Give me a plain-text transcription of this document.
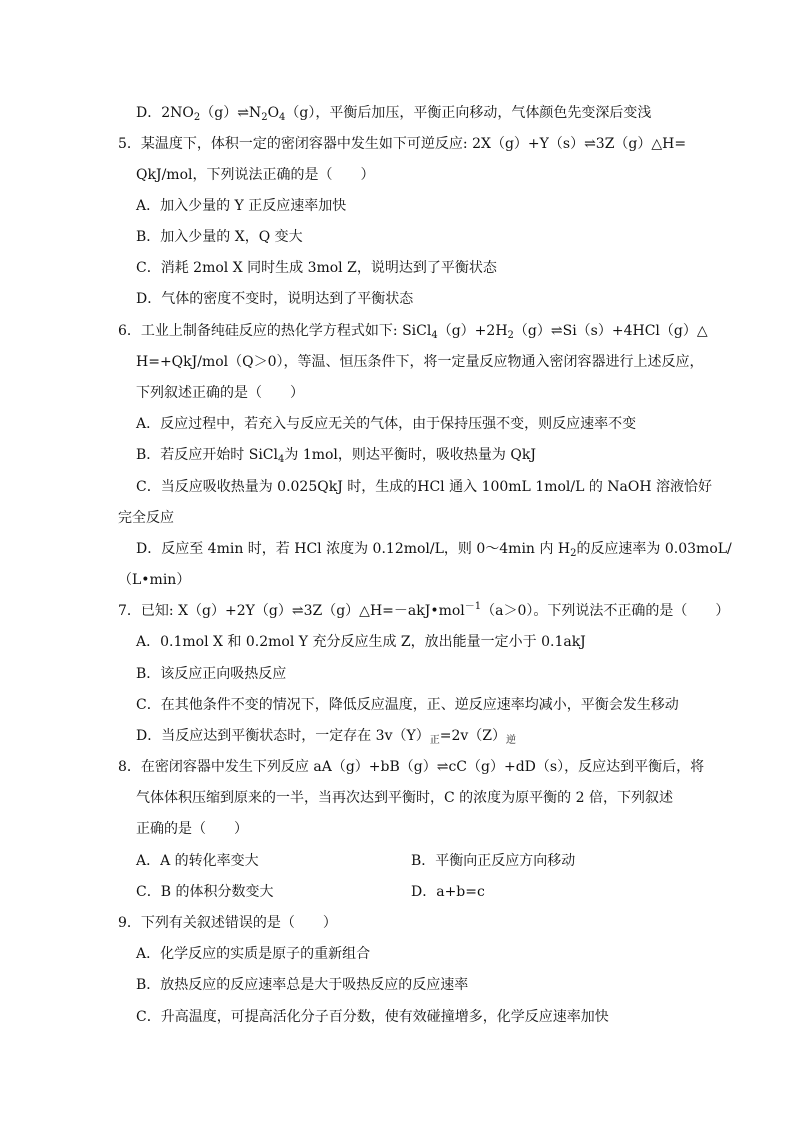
D．$2NO_2(g)\rightleftharpoons N_2O_4(g)$，平衡后加压，平衡正向移动，气体颜色先变深后变浅
5．某温度下，体积一定的密闭容器中发生如下可逆反应: 2X（g）+Y（s）⇌3Z（g）△H=
QkJ/mol，下列说法正确的是（　　）
A．加入少量的 Y 正反应速率加快
B．加入少量的 X，Q 变大
C．消耗 2mol X 同时生成 3mol Z，说明达到了平衡状态
D．气体的密度不变时，说明达到了平衡状态
6．工业上制备纯硅反应的热化学方程式如下: $SiCl_4(g)+2H_2(g)\rightleftharpoons Si(s)+4HCl(g)\triangle$
H=+QkJ/mol（Q＞0），等温、恒压条件下，将一定量反应物通入密闭容器进行上述反应，
下列叙述正确的是（　　）
A．反应过程中，若充入与反应无关的气体，由于保持压强不变，则反应速率不变
B．若反应开始时 SiCl$_4$为 1mol，则达平衡时，吸收热量为 QkJ
C．当反应吸收热量为 0.025QkJ 时，生成的HCl 通入 100mL 1mol/L 的 NaOH 溶液恰好
完全反应
D．反应至 4min 时，若 HCl 浓度为 0.12mol/L，则 0～4min 内 $H_2$的反应速率为 0.03moL/
（L•min）
7．已知: X（g）+2Y（g）⇌3Z（g）△H=－akJ•mol$^{-1}$（a＞0）。下列说法不正确的是（　　）
A．0.1mol X 和 0.2mol Y 充分反应生成 Z，放出能量一定小于 0.1akJ
B．该反应正向吸热反应
C．在其他条件不变的情况下，降低反应温度，正、逆反应速率均减小，平衡会发生移动
D．当反应达到平衡状态时，一定存在 $3v(Y)_正=2v(Z)_逆$
8．在密闭容器中发生下列反应 aA（g）+bB（g）⇌cC（g）+dD（s），反应达到平衡后，将
气体体积压缩到原来的一半，当再次达到平衡时，C 的浓度为原平衡的 2 倍，下列叙述
正确的是（　　）
A．A 的转化率变大	B．平衡向正反应方向移动
C．B 的体积分数变大	D．a+b=c
9．下列有关叙述错误的是（　　）
A．化学反应的实质是原子的重新组合
B．放热反应的反应速率总是大于吸热反应的反应速率
C．升高温度，可提高活化分子百分数，使有效碰撞增多，化学反应速率加快
